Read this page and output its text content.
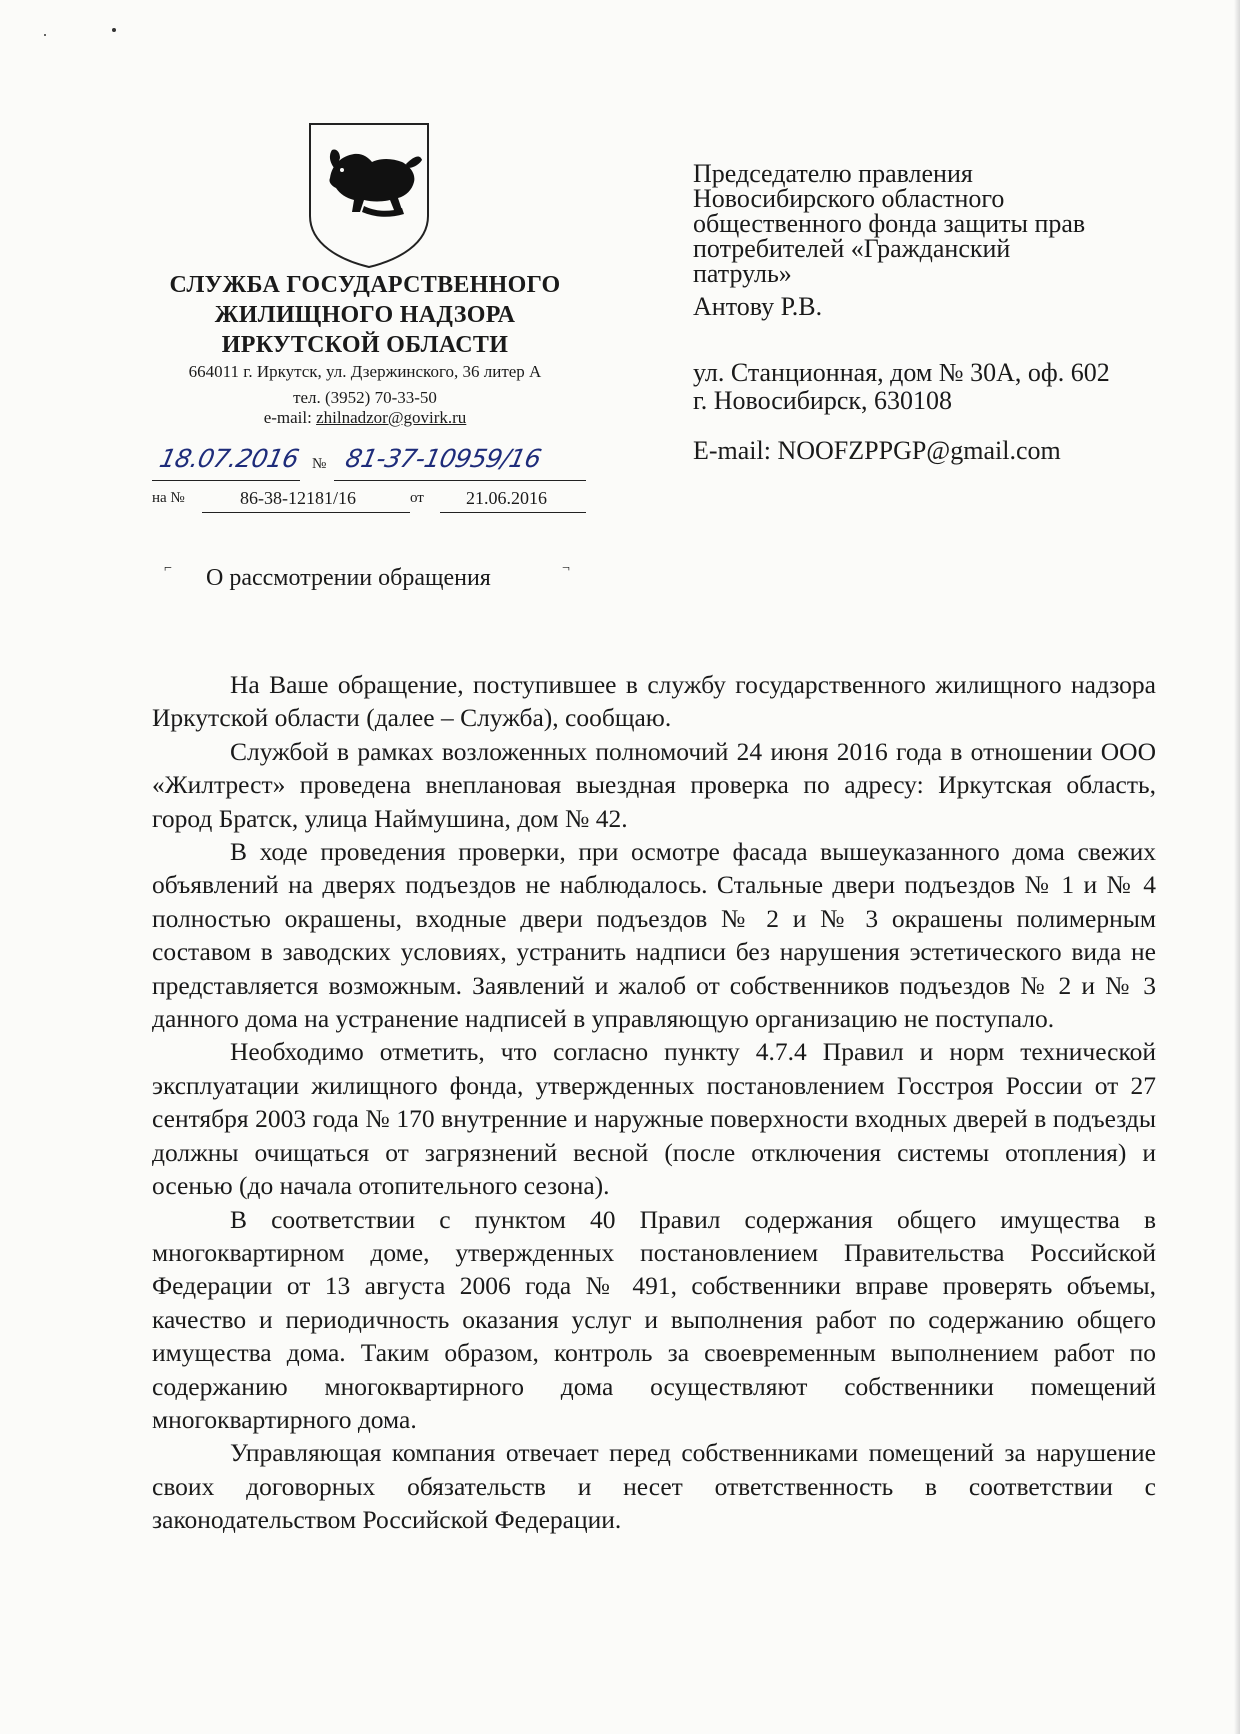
СЛУЖБА ГОСУДАРСТВЕННОГО
ЖИЛИЩНОГО НАДЗОРА
ИРКУТСКОЙ ОБЛАСТИ
664011 г. Иркутск, ул. Дзержинского, 36 литер А
тел. (3952) 70-33-50
e-mail: zhilnadzor@govirk.ru
18.07.2016 № 81-37-10959/16
на №	86-38-12181/16	от 21.06.2016
⌐	¬
О рассмотрении обращения
Председателю правления
Новосибирского областного
общественного фонда защиты прав
потребителей «Гражданский
патруль»
Антову Р.В.
ул. Станционная, дом № 30А, оф. 602
г. Новосибирск, 630108
E-mail: NOOFZPPGP@gmail.com

На Ваше обращение, поступившее в службу государственного жилищного надзора Иркутской области (далее – Служба), сообщаю.

Службой в рамках возложенных полномочий 24 июня 2016 года в отношении ООО «Жилтрест» проведена внеплановая выездная проверка по адресу: Иркутская область, город Братск, улица Наймушина, дом № 42.

В ходе проведения проверки, при осмотре фасада вышеуказанного дома свежих объявлений на дверях подъездов не наблюдалось. Стальные двери подъездов № 1 и № 4 полностью окрашены, входные двери подъездов № 2 и № 3 окрашены полимерным составом в заводских условиях, устранить надписи без нарушения эстетического вида не представляется возможным. Заявлений и жалоб от собственников подъездов № 2 и № 3 данного дома на устранение надписей в управляющую организацию не поступало.

Необходимо отметить, что согласно пункту 4.7.4 Правил и норм технической эксплуатации жилищного фонда, утвержденных постановлением Госстроя России от 27 сентября 2003 года № 170 внутренние и наружные поверхности входных дверей в подъезды должны очищаться от загрязнений весной (после отключения системы отопления) и осенью (до начала отопительного сезона).

В соответствии с пунктом 40 Правил содержания общего имущества в многоквартирном доме, утвержденных постановлением Правительства Российской Федерации от 13 августа 2006 года № 491, собственники вправе проверять объемы, качество и периодичность оказания услуг и выполнения работ по содержанию общего имущества дома. Таким образом, контроль за своевременным выполнением работ по содержанию многоквартирного дома осуществляют собственники помещений многоквартирного дома.

Управляющая компания отвечает перед собственниками помещений за нарушение своих договорных обязательств и несет ответственность в соответствии с законодательством Российской Федерации.
